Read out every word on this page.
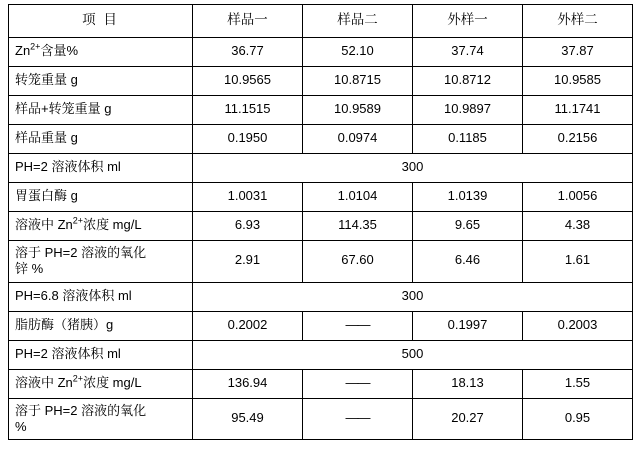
项 目	样品一	样品二	外样一	外样二

$Zn^{2+}$含量%	36.77	52.10	37.74	37.87

转笼重量 g	10.9565	10.8715	10.8712	10.9585

样品+转笼重量 g	11.1515	10.9589	10.9897	11.1741

样品重量 g	0.1950	0.0974	0.1185	0.2156

PH=2 溶液体积 ml	300			

胃蛋白酶 g	1.0031	1.0104	1.0139	1.0056

溶液中 $Zn^{2+}$浓度 mg/L	6.93	114.35	9.65	4.38

溶于 PH=2 溶液的氧化
锌 %	2.91	67.60	6.46	1.61

PH=6.8 溶液体积 ml	300			

脂肪酶（猪胰）g	0.2002	——	0.1997	0.2003

PH=2 溶液体积 ml	500			

溶液中 $Zn^{2+}$浓度 mg/L	136.94	——	18.13	1.55

溶于 PH=2 溶液的氧化
%	95.49	——	20.27	0.95
